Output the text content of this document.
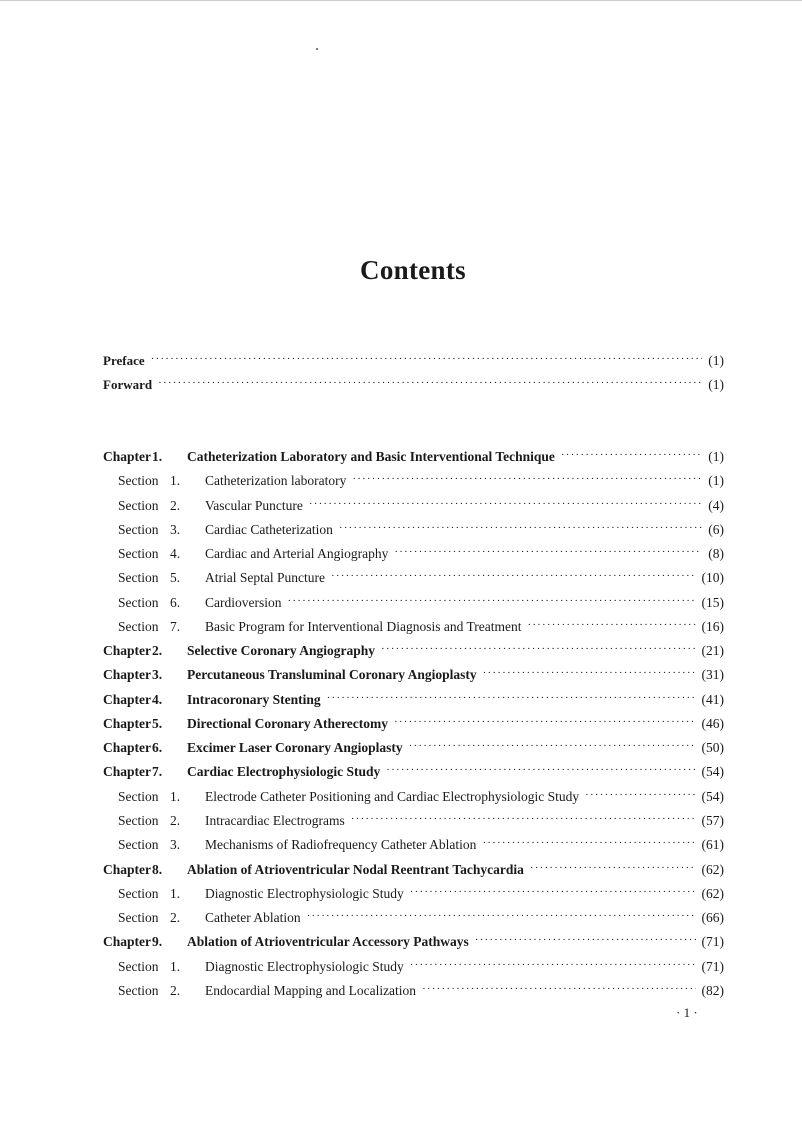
Contents
Preface ·····	(1)
Forward ·····	(1)
Chapter 1.	Catheterization Laboratory and Basic Interventional Technique ·····	(1)
Section 1.	Catheterization laboratory ·····	(1)
Section 2.	Vascular Puncture ·····	(4)
Section 3.	Cardiac Catheterization ·····	(6)
Section 4.	Cardiac and Arterial Angiography ·····	(8)
Section 5.	Atrial Septal Puncture ·····	(10)
Section 6.	Cardioversion ·····	(15)
Section 7.	Basic Program for Interventional Diagnosis and Treatment ·····	(16)
Chapter 2.	Selective Coronary Angiography ·····	(21)
Chapter 3.	Percutaneous Transluminal Coronary Angioplasty ·····	(31)
Chapter 4.	Intracoronary Stenting ·····	(41)
Chapter 5.	Directional Coronary Atherectomy ·····	(46)
Chapter 6.	Excimer Laser Coronary Angioplasty ·····	(50)
Chapter 7.	Cardiac Electrophysiologic Study ·····	(54)
Section 1.	Electrode Catheter Positioning and Cardiac Electrophysiologic Study ·····	(54)
Section 2.	Intracardiac Electrograms ·····	(57)
Section 3.	Mechanisms of Radiofrequency Catheter Ablation ·····	(61)
Chapter 8.	Ablation of Atrioventricular Nodal Reentrant Tachycardia ·····	(62)
Section 1.	Diagnostic Electrophysiologic Study ·····	(62)
Section 2.	Catheter Ablation ·····	(66)
Chapter 9.	Ablation of Atrioventricular Accessory Pathways ·····	(71)
Section 1.	Diagnostic Electrophysiologic Study ·····	(71)
Section 2.	Endocardial Mapping and Localization ·····	(82)
· 1 ·
